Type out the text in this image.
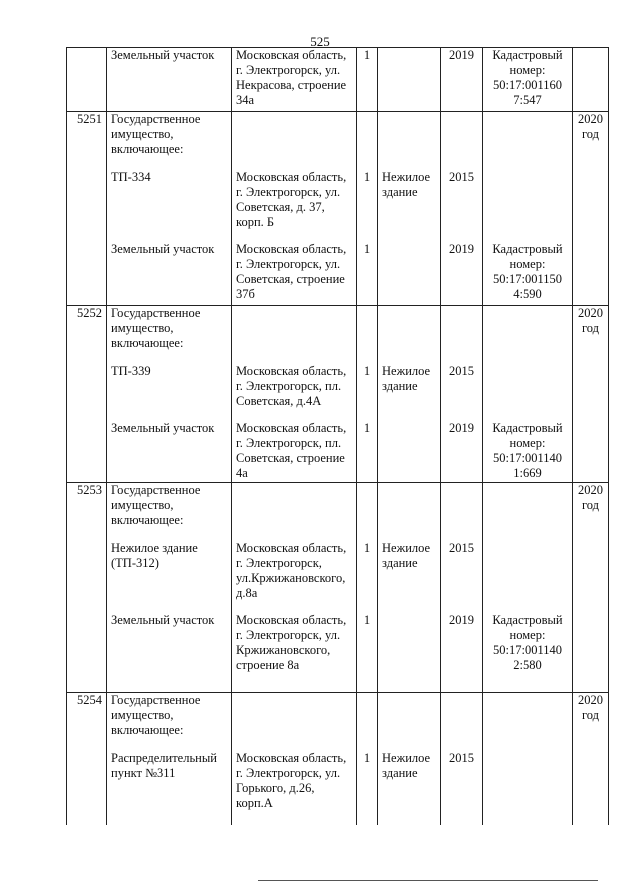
525
	Земельный участок	Московская область, г. Электрогорск, ул. Некрасова, строение 34а	1		2019	Кадастровый номер: 50:17:001160 7:547	
5251	Государственное имущество, включающее:						2020 год
	ТП-334	Московская область, г. Электрогорск, ул. Советская, д. 37, корп. Б	1	Нежилое здание	2015		
	Земельный участок	Московская область, г. Электрогорск, ул. Советская, строение 37б	1		2019	Кадастровый номер: 50:17:001150 4:590	
5252	Государственное имущество, включающее:						2020 год
	ТП-339	Московская область, г. Электрогорск, пл. Советская, д.4А	1	Нежилое здание	2015		
	Земельный участок	Московская область, г. Электрогорск, пл. Советская, строение 4а	1		2019	Кадастровый номер: 50:17:001140 1:669	
5253	Государственное имущество, включающее:						2020 год
	Нежилое здание (ТП-312)	Московская область, г. Электрогорск, ул.Кржижановского, д.8а	1	Нежилое здание	2015		
	Земельный участок	Московская область, г. Электрогорск, ул. Кржижановского, строение 8а	1		2019	Кадастровый номер: 50:17:001140 2:580	
5254	Государственное имущество, включающее:						2020 год
	Распределительный пункт №311	Московская область, г. Электрогорск, ул. Горького, д.26, корп.А	1	Нежилое здание	2015		
